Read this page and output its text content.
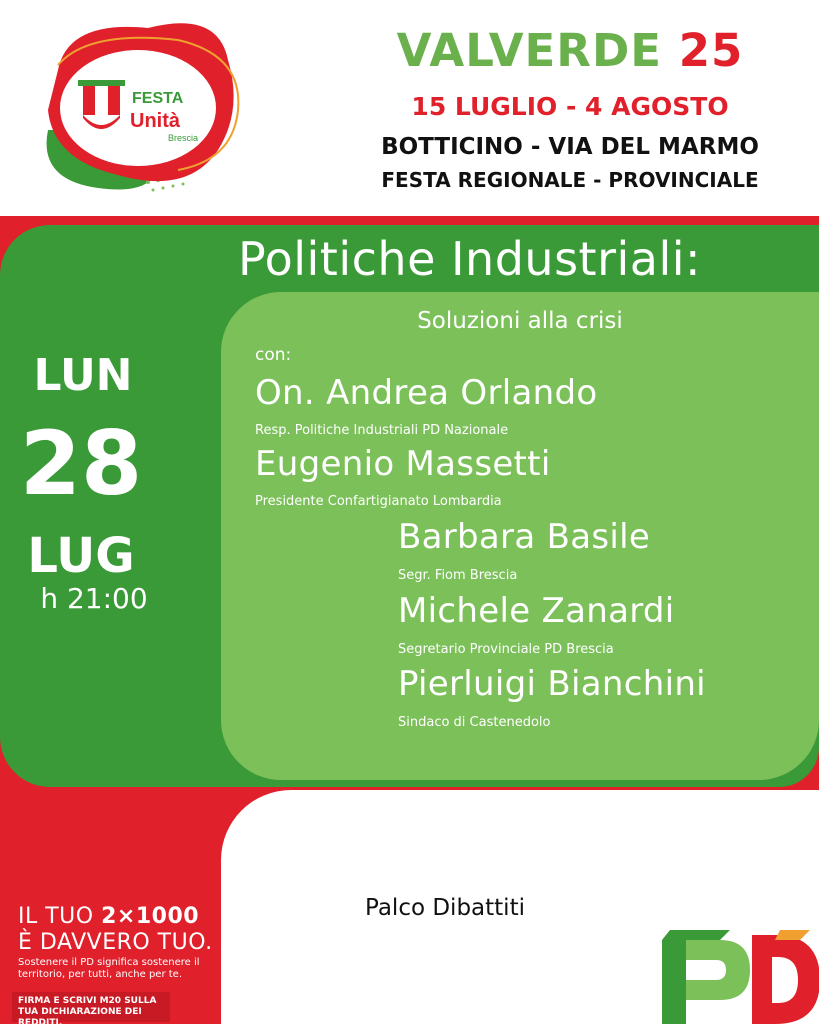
FESTA
Unità
Brescia
VALVERDE 25
15 LUGLIO - 4 AGOSTO
BOTTICINO - VIA DEL MARMO
FESTA REGIONALE - PROVINCIALE
Politiche Industriali:
Soluzioni alla crisi
con:
On. Andrea Orlando
Resp. Politiche Industriali PD Nazionale
Eugenio Massetti
Presidente Confartigianato Lombardia
Barbara Basile
Segr. Fiom Brescia
Michele Zanardi
Segretario Provinciale PD Brescia
Pierluigi Bianchini
Sindaco di Castenedolo
LUN
28
LUG
h 21:00
Palco Dibattiti
IL TUO 2×1000
È DAVVERO TUO.
Sostenere il PD significa sostenere il territorio, per tutti, anche per te.
FIRMA E SCRIVI M20 SULLA TUA DICHIARAZIONE DEI REDDITI.
